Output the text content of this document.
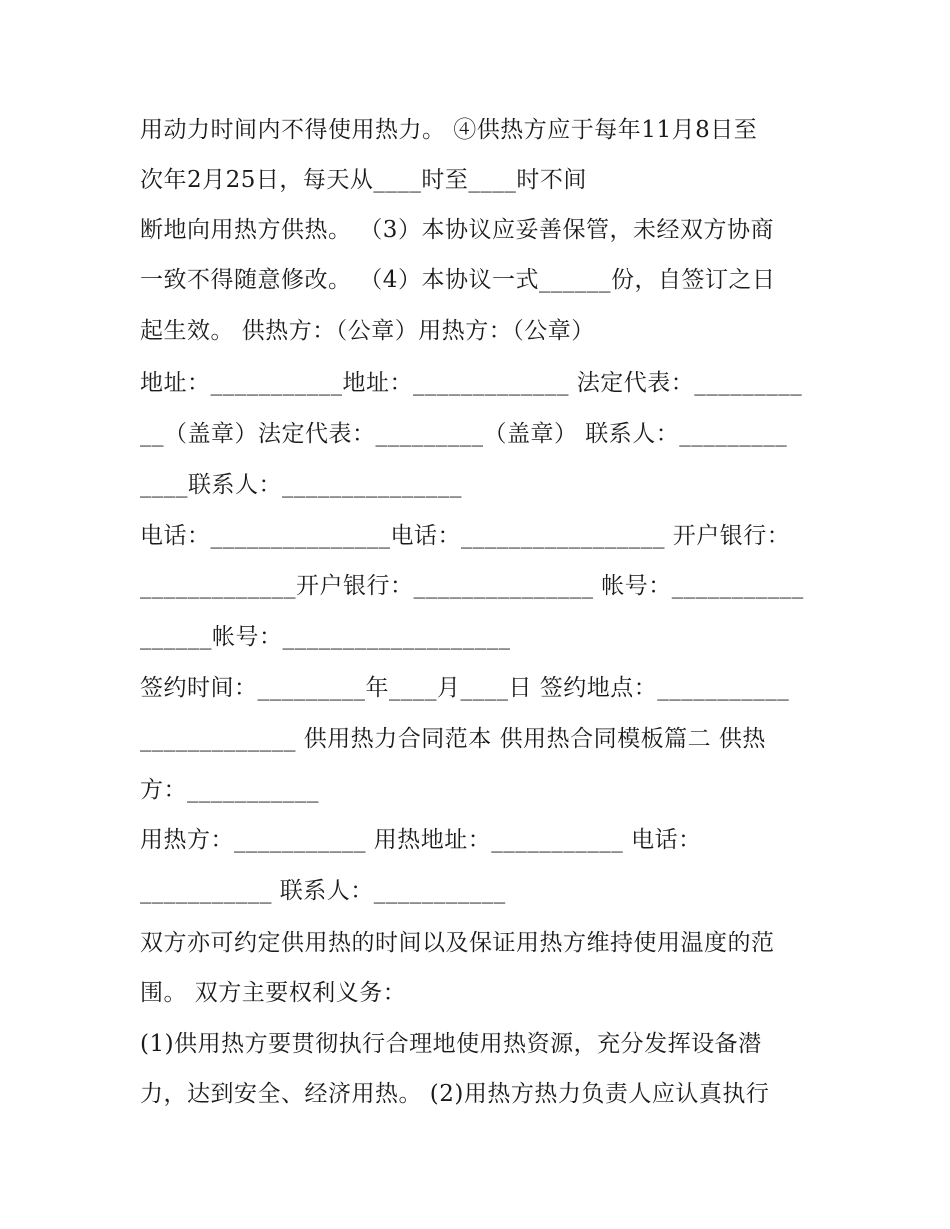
用动力时间内不得使用热力。 ④供热方应于每年11月8日至
次年2月25日，每天从____时至____时不间
断地向用热方供热。 （3）本协议应妥善保管，未经双方协商
一致不得随意修改。 （4）本协议一式______份，自签订之日
起生效。 供热方：（公章）用热方：（公章）
地址：___________地址：_____________ 法定代表：_________
__（盖章）法定代表：_________（盖章） 联系人：_________
____联系人：_______________
电话：_______________电话：_________________ 开户银行：
_____________开户银行：_______________ 帐号：___________
______帐号：___________________
签约时间：_________年____月____日 签约地点：___________
_____________ 供用热力合同范本 供用热合同模板篇二 供热
方：___________
用热方：___________ 用热地址：___________ 电话：
___________ 联系人：___________
双方亦可约定供用热的时间以及保证用热方维持使用温度的范
围。 双方主要权利义务：
(1)供用热方要贯彻执行合理地使用热资源，充分发挥设备潜
力，达到安全、经济用热。 (2)用热方热力负责人应认真执行
